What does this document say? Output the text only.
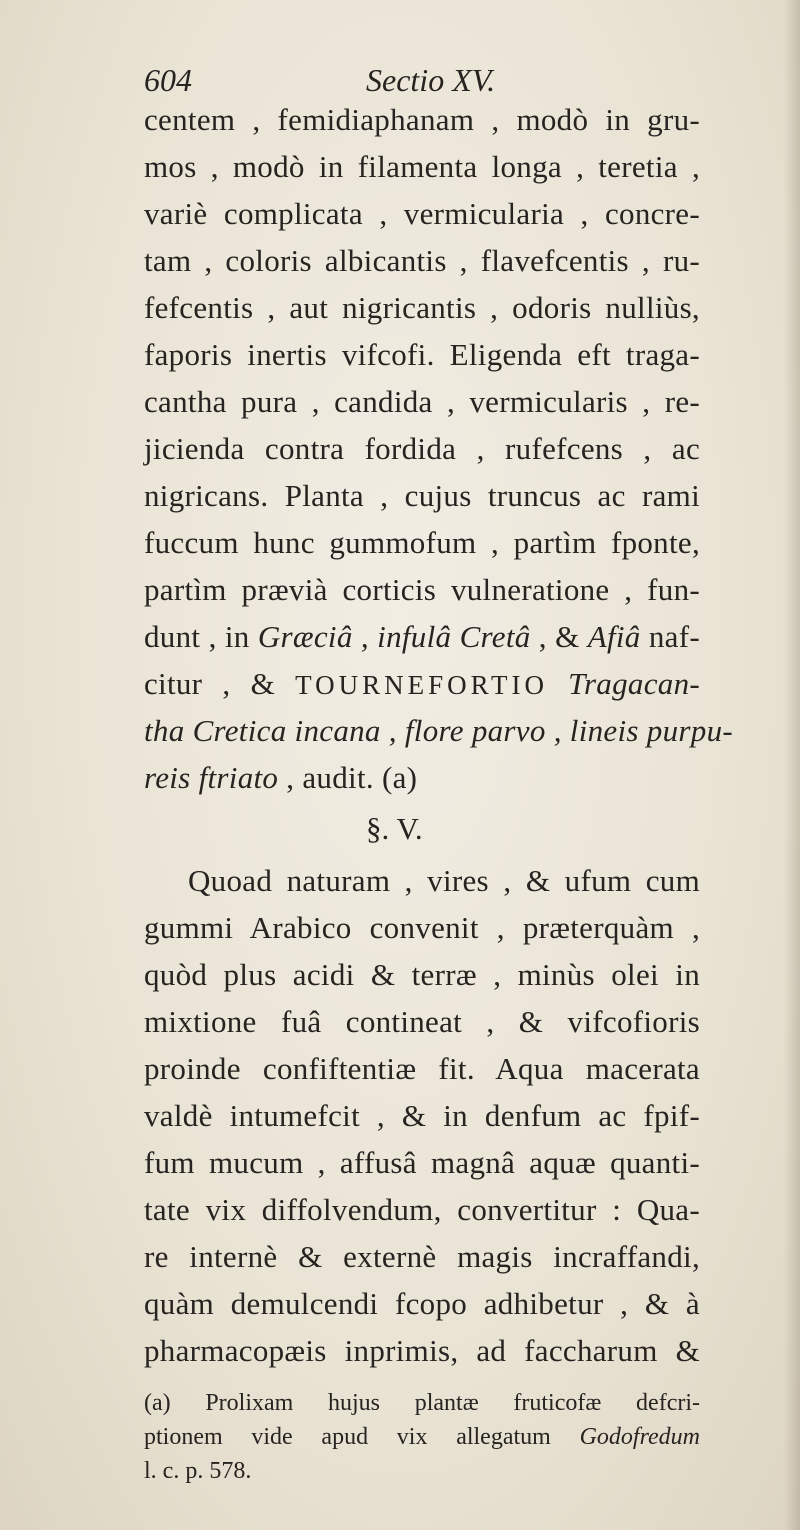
604	Sectio XV.
centem , femidiaphanam , modò in gru-
mos , modò in filamenta longa , teretia ,
variè complicata , vermicularia , concre-
tam , coloris albicantis , flavefcentis , ru-
fefcentis , aut nigricantis , odoris nulliùs,
faporis inertis vifcofi. Eligenda eft traga-
cantha pura , candida , vermicularis , re-
jicienda contra fordida , rufefcens , ac
nigricans. Planta , cujus truncus ac rami
fuccum hunc gummofum , partìm fponte,
partìm prævià corticis vulneratione , fun-
dunt , in Græciâ , infulâ Cretâ , & Afiâ naf-
citur , & TOURNEFORTIO Tragacan-
tha Cretica incana , flore parvo , lineis purpu-
reis ftriato , audit. (a)
§. V.
Quoad naturam , vires , & ufum cum
gummi Arabico convenit , præterquàm ,
quòd plus acidi & terræ , minùs olei in
mixtione fuâ contineat , & vifcofioris
proinde confiftentiæ fit. Aqua macerata
valdè intumefcit , & in denfum ac fpif-
fum mucum , affusâ magnâ aquæ quanti-
tate vix diffolvendum, convertitur : Qua-
re internè & externè magis incraffandi,
quàm demulcendi fcopo adhibetur , & à
pharmacopæis inprimis, ad faccharum &
(a) Prolixam hujus plantæ fruticofæ defcri-
ptionem vide apud vix allegatum Godofredum
l. c. p. 578.
